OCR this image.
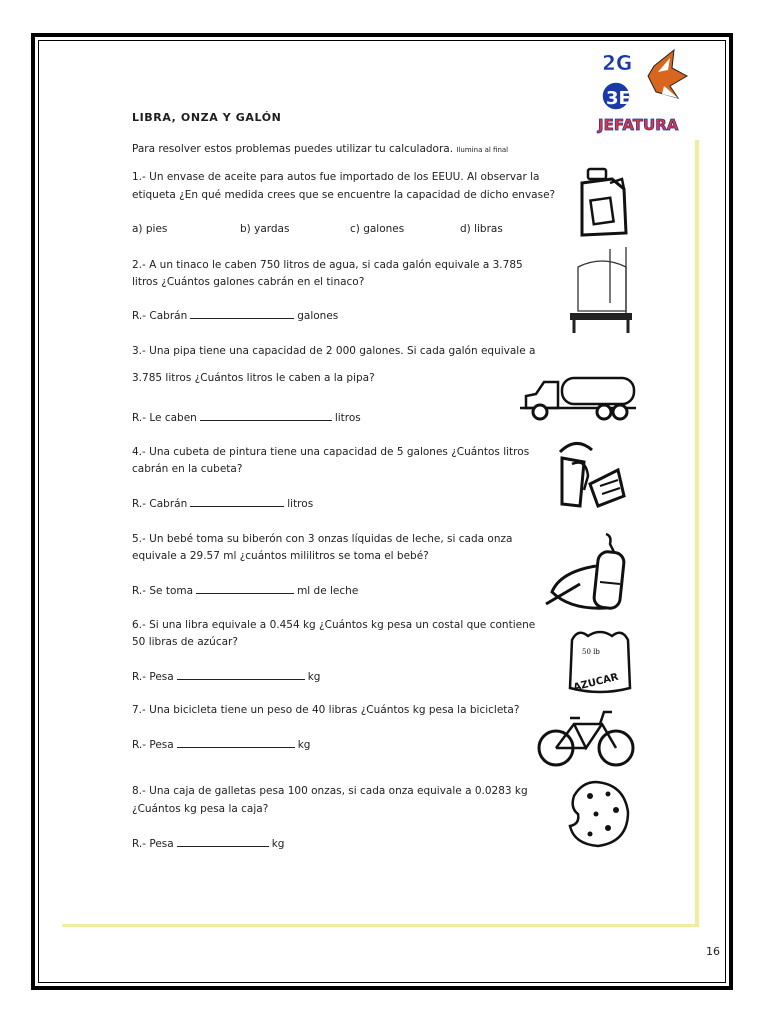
2G
3Er
JEFATURA
LIBRA, ONZA Y GALÓN
Para resolver estos problemas puedes utilizar tu calculadora. Ilumina al final
1.- Un envase de aceite para autos fue importado de los EEUU. Al observar la
etiqueta ¿En qué medida crees que se encuentre la capacidad de dicho envase?
a) pies	b) yardas	c) galones	d) libras
2.- A un tinaco le caben 750 litros de agua, si cada galón equivale a 3.785
litros ¿Cuántos galones cabrán en el tinaco?
R.- Cabrán	galones
3.- Una pipa tiene una capacidad de 2 000 galones. Si cada galón equivale a
3.785 litros ¿Cuántos litros le caben a la pipa?
R.- Le caben	litros
4.- Una cubeta de pintura tiene una capacidad de 5 galones ¿Cuántos litros
cabrán en la cubeta?
R.- Cabrán	litros
5.- Un bebé toma su biberón con 3 onzas líquidas de leche, si cada onza
equivale a 29.57 ml ¿cuántos mililitros se toma el bebé?
R.- Se toma	ml de leche
6.- Si una libra equivale a 0.454 kg ¿Cuántos kg pesa un costal que contiene
50 libras de azúcar?
R.- Pesa	kg
50 lb
AZUCAR
7.- Una bicicleta tiene un peso de 40 libras ¿Cuántos kg pesa la bicicleta?
R.- Pesa	kg
8.- Una caja de galletas pesa 100 onzas, si cada onza equivale a 0.0283 kg
¿Cuántos kg pesa la caja?
R.- Pesa	kg
16
